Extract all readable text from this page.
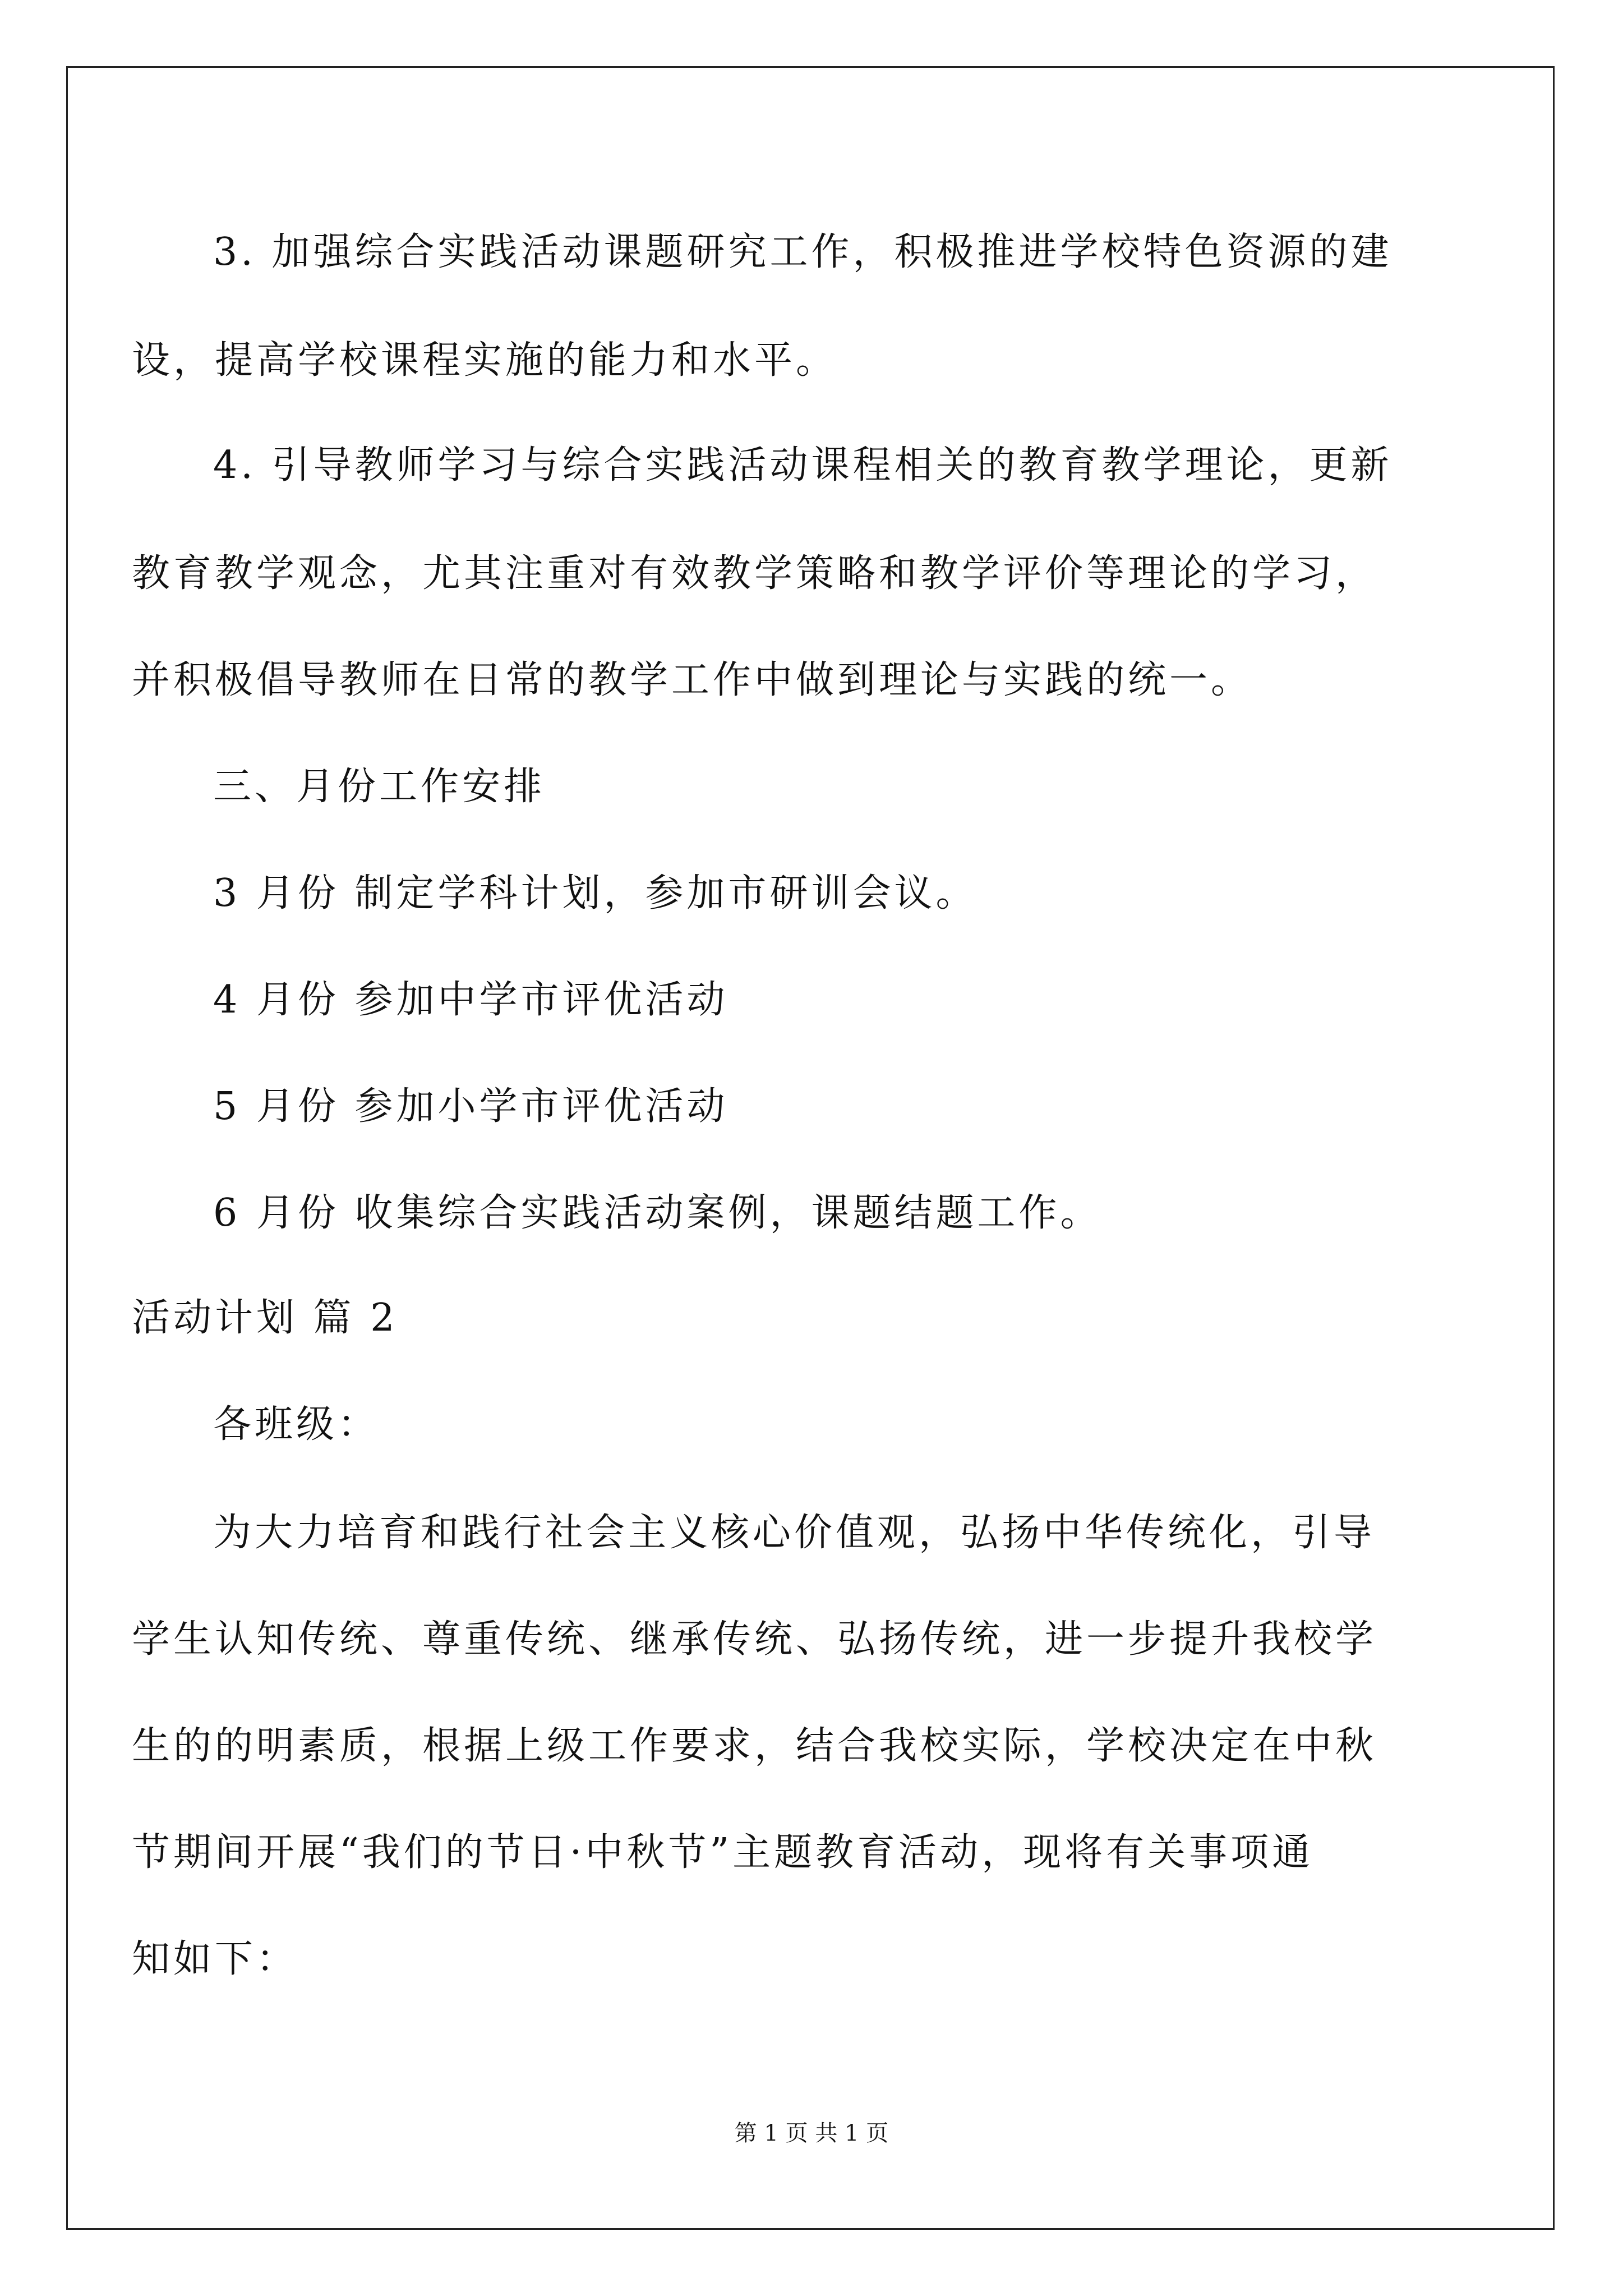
3. 加强综合实践活动课题研究工作，积极推进学校特色资源的建
设，提高学校课程实施的能力和水平。
4. 引导教师学习与综合实践活动课程相关的教育教学理论，更新
教育教学观念，尤其注重对有效教学策略和教学评价等理论的学习，
并积极倡导教师在日常的教学工作中做到理论与实践的统一。
三、月份工作安排
3 月份 制定学科计划，参加市研训会议。
4 月份 参加中学市评优活动
5 月份 参加小学市评优活动
6 月份 收集综合实践活动案例，课题结题工作。
活动计划 篇 2
各班级：
为大力培育和践行社会主义核心价值观，弘扬中华传统化，引导
学生认知传统、尊重传统、继承传统、弘扬传统，进一步提升我校学
生的的明素质，根据上级工作要求，结合我校实际，学校决定在中秋
节期间开展“我们的节日·中秋节”主题教育活动，现将有关事项通
知如下：
第 1 页 共 1 页
